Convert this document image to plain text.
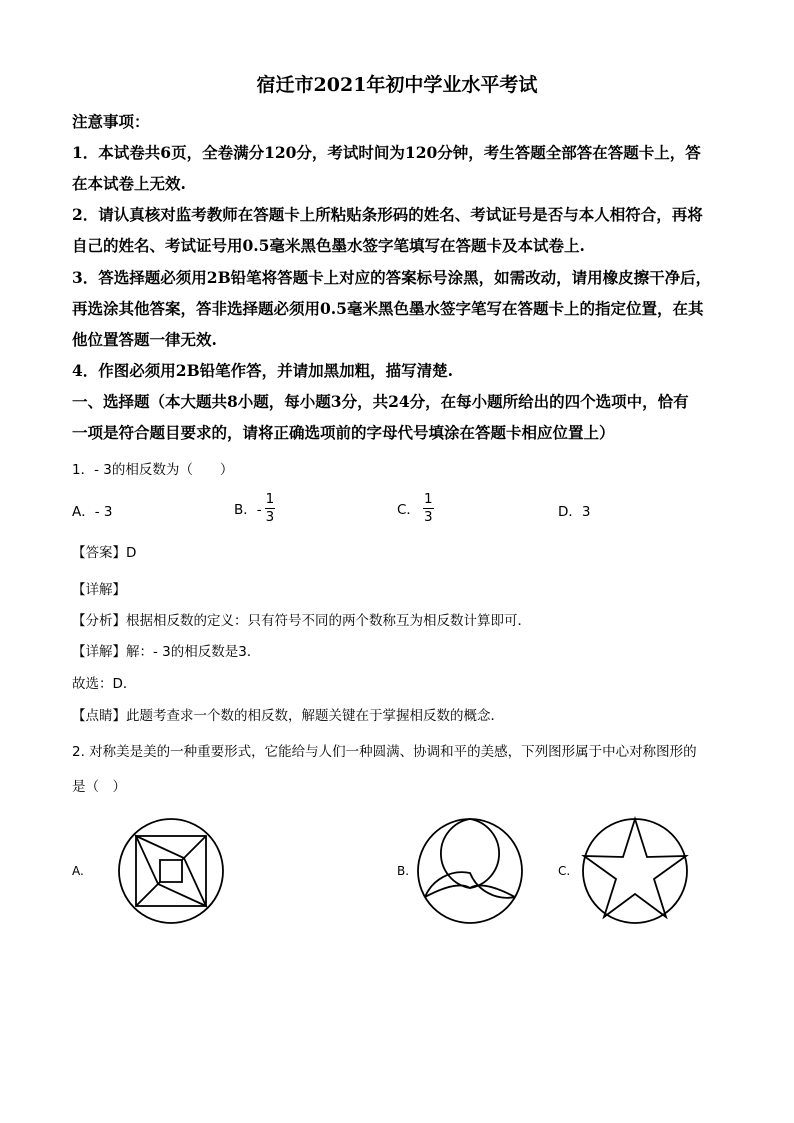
宿迁市2021年初中学业水平考试
注意事项：
1．本试卷共6页，全卷满分120分，考试时间为120分钟，考生答题全部答在答题卡上，答
在本试卷上无效.
2．请认真核对监考教师在答题卡上所粘贴条形码的姓名、考试证号是否与本人相符合，再将
自己的姓名、考试证号用0.5毫米黑色墨水签字笔填写在答题卡及本试卷上.
3．答选择题必须用2B铅笔将答题卡上对应的答案标号涂黑，如需改动，请用橡皮擦干净后，
再选涂其他答案，答非选择题必须用0.5毫米黑色墨水签字笔写在答题卡上的指定位置，在其
他位置答题一律无效.
4．作图必须用2B铅笔作答，并请加黑加粗，描写清楚.
一、选择题（本大题共8小题，每小题3分，共24分，在每小题所给出的四个选项中，恰有
一项是符合题目要求的，请将正确选项前的字母代号填涂在答题卡相应位置上）
1．- 3的相反数为（　　）
A．- 3	B．- $\frac{1}{3}$	C． $\frac{1}{3}$	D．3
【答案】D
【详解】
【分析】根据相反数的定义：只有符号不同的两个数称互为相反数计算即可．
【详解】解：- 3的相反数是3．
故选：D．
【点睛】此题考查求一个数的相反数，解题关键在于掌握相反数的概念．
2. 对称美是美的一种重要形式，它能给与人们一种圆满、协调和平的美感，下列图形属于中心对称图形的
是（　）
A.	B.	C.
